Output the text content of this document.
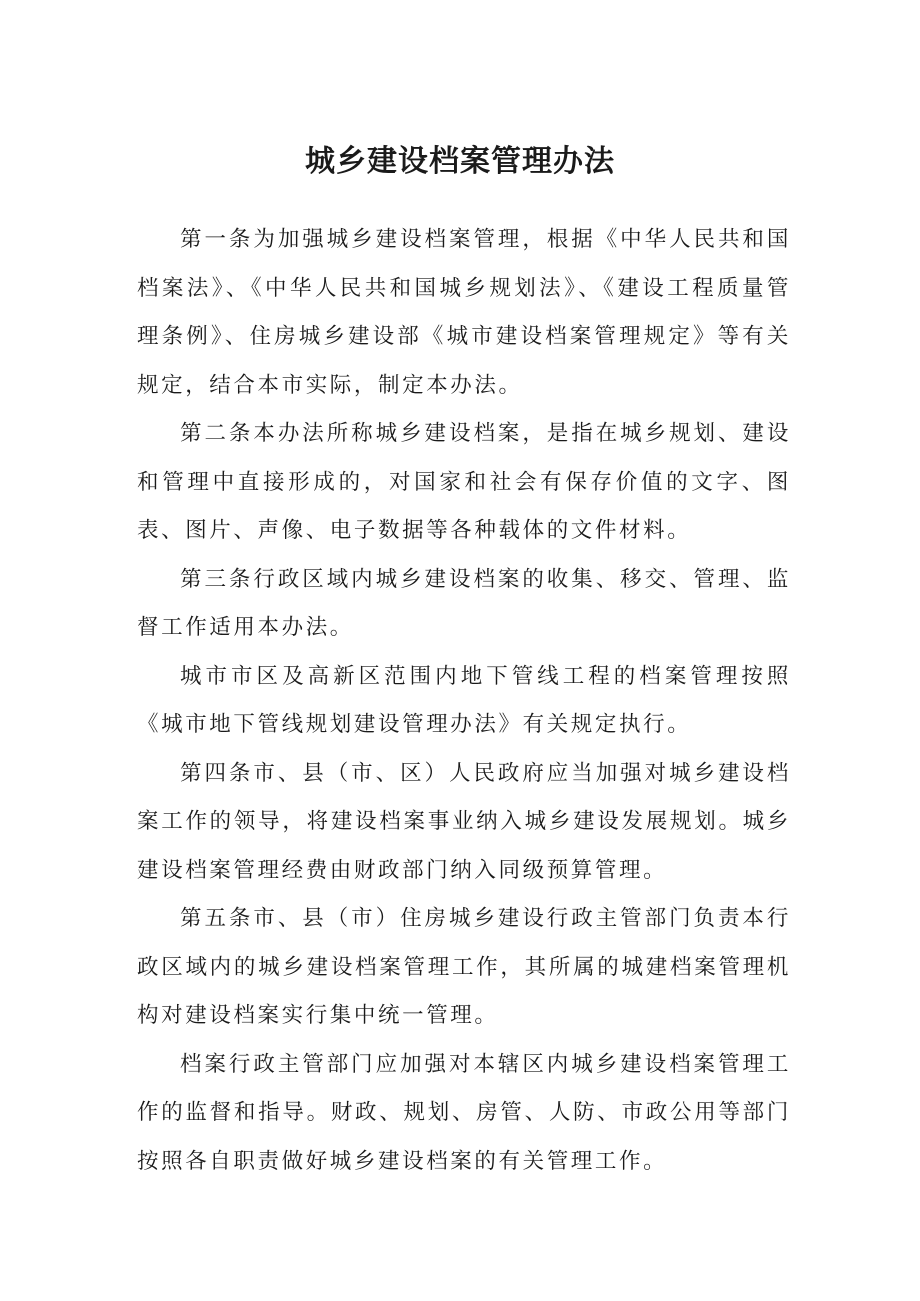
城乡建设档案管理办法

第一条为加强城乡建设档案管理，根据《中华人民共和国档案法》、《中华人民共和国城乡规划法》、《建设工程质量管理条例》、住房城乡建设部《城市建设档案管理规定》等有关规定，结合本市实际，制定本办法。

第二条本办法所称城乡建设档案，是指在城乡规划、建设和管理中直接形成的，对国家和社会有保存价值的文字、图表、图片、声像、电子数据等各种载体的文件材料。

第三条行政区域内城乡建设档案的收集、移交、管理、监督工作适用本办法。

城市市区及高新区范围内地下管线工程的档案管理按照《城市地下管线规划建设管理办法》有关规定执行。

第四条市、县（市、区）人民政府应当加强对城乡建设档案工作的领导，将建设档案事业纳入城乡建设发展规划。城乡建设档案管理经费由财政部门纳入同级预算管理。

第五条市、县（市）住房城乡建设行政主管部门负责本行政区域内的城乡建设档案管理工作，其所属的城建档案管理机构对建设档案实行集中统一管理。

档案行政主管部门应加强对本辖区内城乡建设档案管理工作的监督和指导。财政、规划、房管、人防、市政公用等部门按照各自职责做好城乡建设档案的有关管理工作。
